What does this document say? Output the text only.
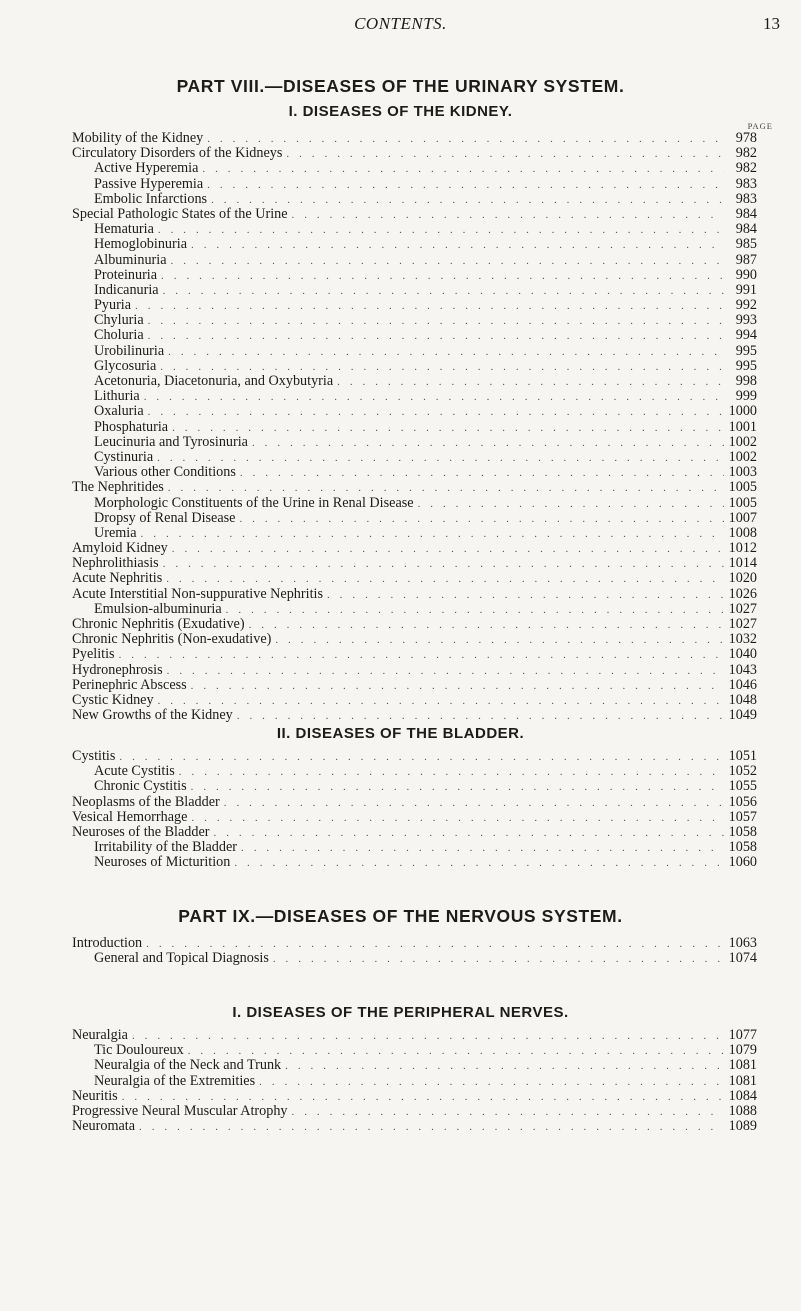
CONTENTS.	13
PART VIII.—DISEASES OF THE URINARY SYSTEM.
I. DISEASES OF THE KIDNEY.
PAGE
Mobility of the Kidney . . .	978
Circulatory Disorders of the Kidneys . . .	982
Active Hyperemia . . .	982
Passive Hyperemia . . .	983
Embolic Infarctions . . .	983
Special Pathologic States of the Urine . . .	984
Hematuria . . .	984
Hemoglobinuria . . .	985
Albuminuria . . .	987
Proteinuria . . .	990
Indicanuria . . .	991
Pyuria . . .	992
Chyluria . . .	993
Choluria . . .	994
Urobilinuria . . .	995
Glycosuria . . .	995
Acetonuria, Diacetonuria, and Oxybutyria . . .	998
Lithuria . . .	999
Oxaluria . . .	1000
Phosphaturia . . .	1001
Leucinuria and Tyrosinuria . . .	1002
Cystinuria . . .	1002
Various other Conditions . . .	1003
The Nephritides . . .	1005
Morphologic Constituents of the Urine in Renal Disease . . .	1005
Dropsy of Renal Disease . . .	1007
Uremia . . .	1008
Amyloid Kidney . . .	1012
Nephrolithiasis . . .	1014
Acute Nephritis . . .	1020
Acute Interstitial Non-suppurative Nephritis . . .	1026
Emulsion-albuminuria . . .	1027
Chronic Nephritis (Exudative) . . .	1027
Chronic Nephritis (Non-exudative) . . .	1032
Pyelitis . . .	1040
Hydronephrosis . . .	1043
Perinephric Abscess . . .	1046
Cystic Kidney . . .	1048
New Growths of the Kidney . . .	1049
II. DISEASES OF THE BLADDER.
Cystitis . . .	1051
Acute Cystitis . . .	1052
Chronic Cystitis . . .	1055
Neoplasms of the Bladder . . .	1056
Vesical Hemorrhage . . .	1057
Neuroses of the Bladder . . .	1058
Irritability of the Bladder . . .	1058
Neuroses of Micturition . . .	1060
PART IX.—DISEASES OF THE NERVOUS SYSTEM.
Introduction . . .	1063
General and Topical Diagnosis . . .	1074
I. DISEASES OF THE PERIPHERAL NERVES.
Neuralgia . . .	1077
Tic Douloureux . . .	1079
Neuralgia of the Neck and Trunk . . .	1081
Neuralgia of the Extremities . . .	1081
Neuritis . . .	1084
Progressive Neural Muscular Atrophy . . .	1088
Neuromata . . .	1089
